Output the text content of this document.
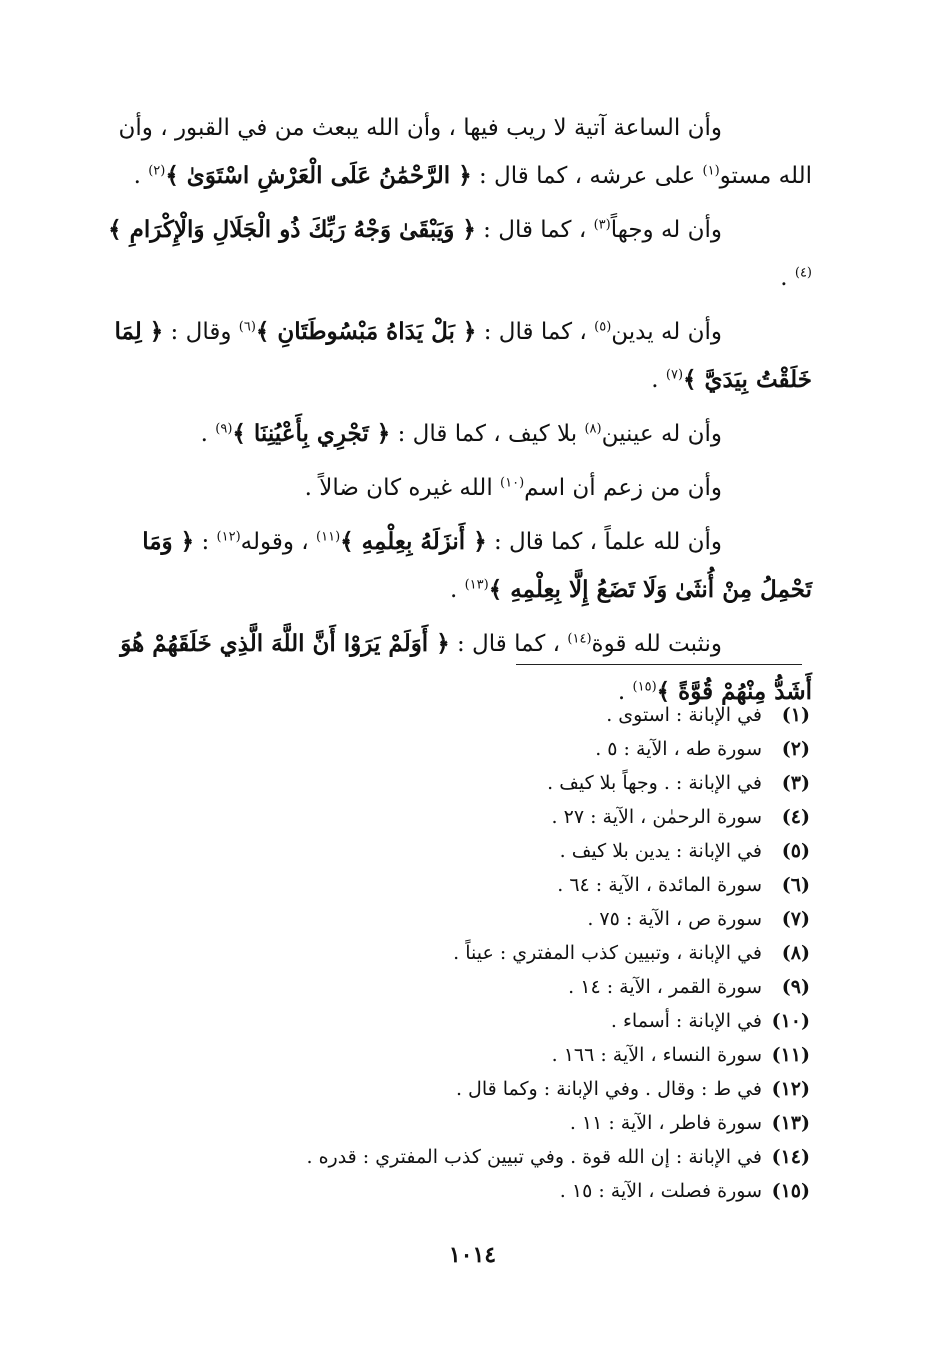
وأن الساعة آتية لا ريب فيها ، وأن الله يبعث من في القبور ، وأن الله مستو$^{(١)}$ على عرشه ، كما قال : ﴿ الرَّحْمَٰنُ عَلَى الْعَرْشِ اسْتَوَىٰ ﴾$^{(٢)}$ .

وأن له وجهاً$^{(٣)}$ ، كما قال : ﴿ وَيَبْقَىٰ وَجْهُ رَبِّكَ ذُو الْجَلَالِ وَالْإِكْرَامِ ﴾$^{(٤)}$ .

وأن له يدين$^{(٥)}$ ، كما قال : ﴿ بَلْ يَدَاهُ مَبْسُوطَتَانِ ﴾$^{(٦)}$ وقال : ﴿ لِمَا خَلَقْتُ بِيَدَيَّ ﴾$^{(٧)}$ .

وأن له عينين$^{(٨)}$ بلا كيف ، كما قال : ﴿ تَجْرِي بِأَعْيُنِنَا ﴾$^{(٩)}$ .

وأن من زعم أن اسم$^{(١٠)}$ الله غيره كان ضالاً .

وأن لله علماً ، كما قال : ﴿ أَنزَلَهُ بِعِلْمِهِ ﴾$^{(١١)}$ ، وقوله$^{(١٢)}$ : ﴿ وَمَا تَحْمِلُ مِنْ أُنثَىٰ وَلَا تَضَعُ إِلَّا بِعِلْمِهِ ﴾$^{(١٣)}$ .

ونثبت لله قوة$^{(١٤)}$ ، كما قال : ﴿ أَوَلَمْ يَرَوْا أَنَّ اللَّهَ الَّذِي خَلَقَهُمْ هُوَ أَشَدُّ مِنْهُمْ قُوَّةً ﴾$^{(١٥)}$ .

(١)في الإبانة : استوى .
(٢)سورة طه ، الآية : ٥ .
(٣)في الإبانة : . وجهاً بلا كيف .
(٤)سورة الرحمٰن ، الآية : ٢٧ .
(٥)في الإبانة : يدين بلا كيف .
(٦)سورة المائدة ، الآية : ٦٤ .
(٧)سورة ص ، الآية : ٧٥ .
(٨)في الإبانة ، وتبيين كذب المفتري : عيناً .
(٩)سورة القمر ، الآية : ١٤ .
(١٠)في الإبانة : أسماء .
(١١)سورة النساء ، الآية : ١٦٦ .
(١٢)في ط : وقال . وفي الإبانة : وكما قال .
(١٣)سورة فاطر ، الآية : ١١ .
(١٤)في الإبانة : إن الله قوة . وفي تبيين كذب المفتري : قدره .
(١٥)سورة فصلت ، الآية : ١٥ .
١٠١٤
